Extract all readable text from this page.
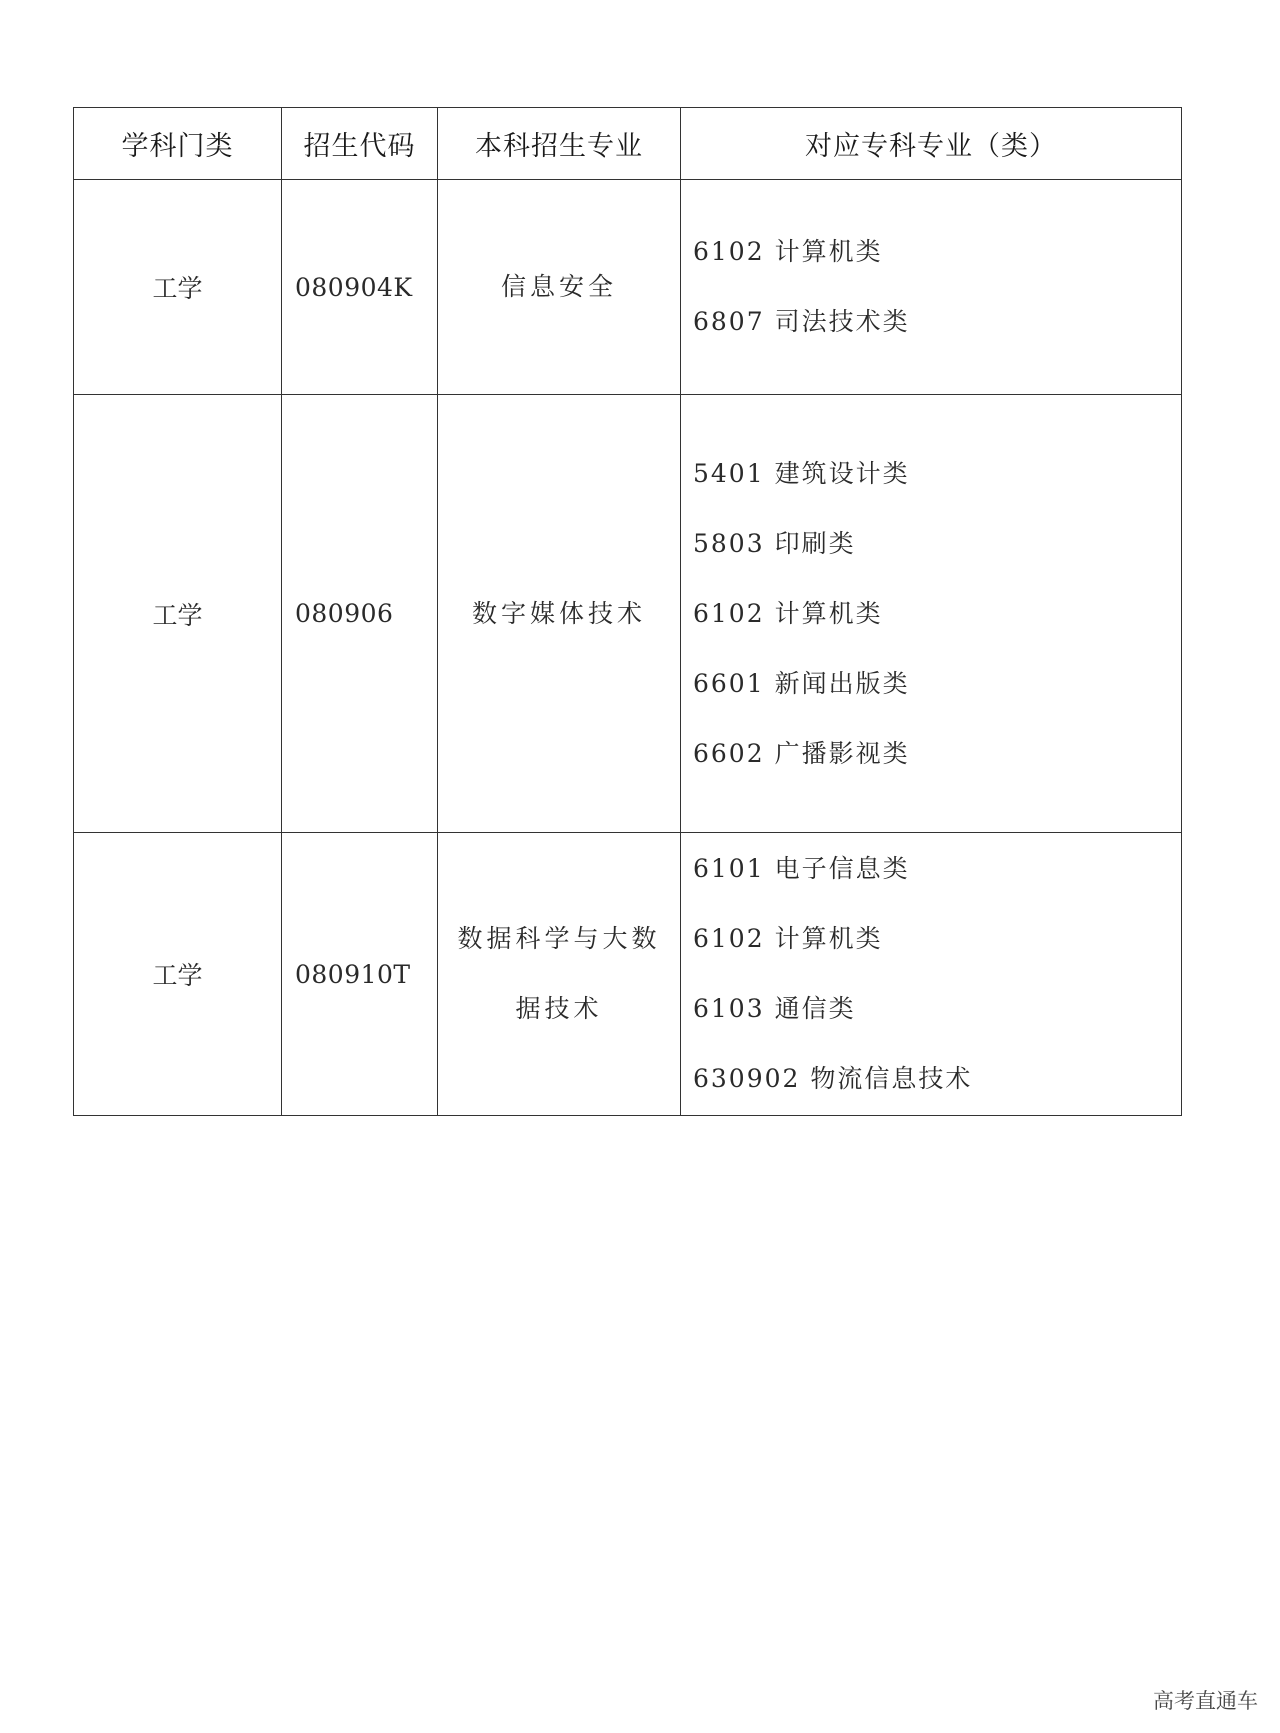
学科门类	招生代码	本科招生专业	对应专科专业（类）
工学	080904K	信息安全	6102 计算机类
6807 司法技术类

工学	080906	数字媒体技术	5401 建筑设计类
5803 印刷类
6102 计算机类
6601 新闻出版类
6602 广播影视类

工学	080910T	数据科学与大数
据技术	6101 电子信息类
6102 计算机类
6103 通信类
630902 物流信息技术
高考直通车
